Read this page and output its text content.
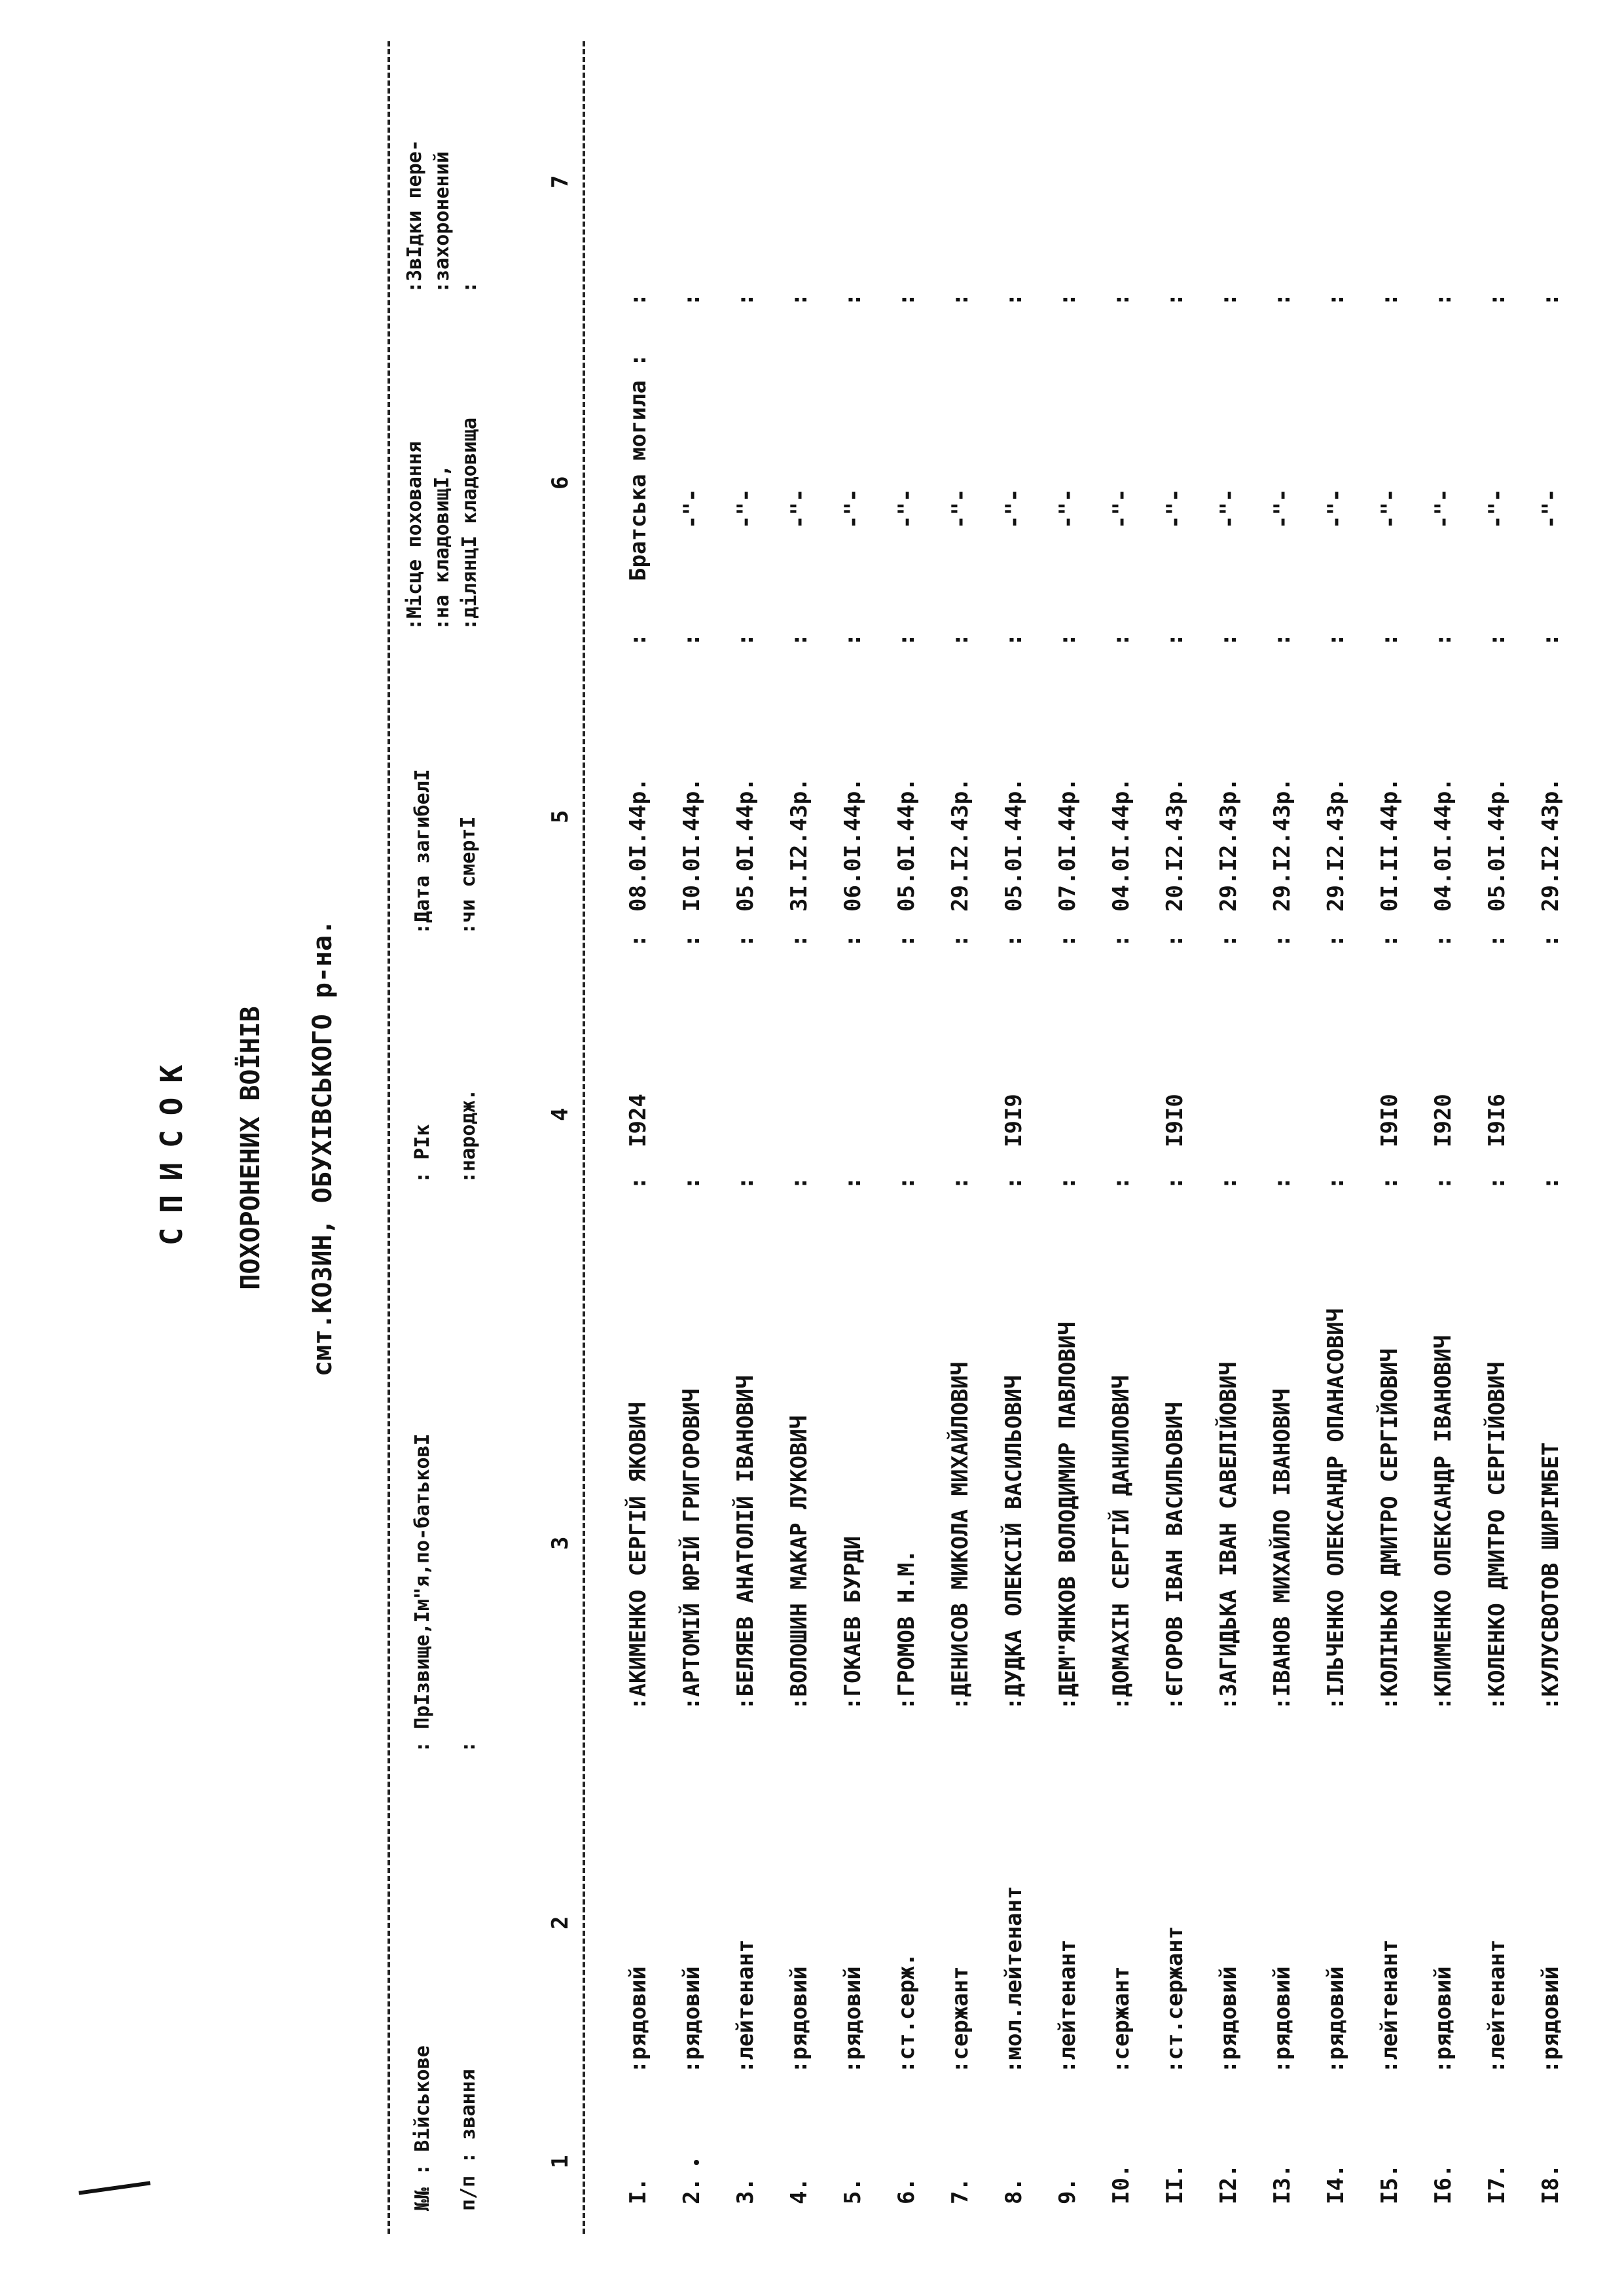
СПИСОК ПОХОРОНЕНИХ ВОЇНІВ смт.КОЗИН, ОБУХІВСЬКОГО р-на.
№№ : Вiйськове п/п : звання
: ПрIзвище,Iм"я,по-батьковI :
: PIк :народж.
:Дата загибелI :чи смертI
:Мiсце поховання :на кладовищI, :дiлянцI кладовища
:ЗвIдки пере- :захоронений :
1
2
3
4
5
6
7
I.
:рядовий
:АКИМЕНКО СЕРГIЙ ЯКОВИЧ
I924
08.0I.44р.
Братська могила :
:
:
:
:
2.
:рядовий
:АРТОМIЙ ЮРIЙ ГРИГОРОВИЧ
I0.0I.44р.
-"-
:
:
:
:
3.
:лейтенант
:БЕЛЯЕВ АНАТОЛIЙ IВАНОВИЧ
05.0I.44р.
-"-
:
:
:
:
4.
:рядовий
:ВОЛОШИН МАКАР ЛУКОВИЧ
3I.I2.43р.
-"-
:
:
:
:
5.
:рядовий
:ГОКАЕВ БУРДИ
06.0I.44р.
-"-
:
:
:
:
6.
:ст.серж.
:ГРОМОВ Н.М.
05.0I.44р.
-"-
:
:
:
:
7.
:сержант
:ДЕНИСОВ МИКОЛА МИХАЙЛОВИЧ
29.I2.43р.
-"-
:
:
:
:
8.
:мол.лейтенант
:ДУДКА ОЛЕКСIЙ ВАСИЛЬОВИЧ
I9I9
05.0I.44р.
-"-
:
:
:
:
9.
:лейтенант
:ДЕМ"ЯНКОВ ВОЛОДИМИР ПАВЛОВИЧ
07.0I.44р.
-"-
:
:
:
:
I0.
:сержант
:ДОМАХIН СЕРГIЙ ДАНИЛОВИЧ
04.0I.44р.
-"-
:
:
:
:
II.
:ст.сержант
:ЄГОРОВ IВАН ВАСИЛЬОВИЧ
I9I0
20.I2.43р.
-"-
:
:
:
:
I2.
:рядовий
:ЗАГИДЬКА IВАН САВЕЛIЙОВИЧ
29.I2.43р.
-"-
:
:
:
:
I3.
:рядовий
:IВАНОВ МИХАЙЛО IВАНОВИЧ
29.I2.43р.
-"-
:
:
:
:
I4.
:рядовий
:IЛЬЧЕНКО ОЛЕКСАНДР ОПАНАСОВИЧ
29.I2.43р.
-"-
:
:
:
:
I5.
:лейтенант
:КОЛIНЬКО ДМИТРО СЕРГIЙОВИЧ
I9I0
0I.II.44р.
-"-
:
:
:
:
I6.
:рядовий
:КЛИМЕНКО ОЛЕКСАНДР IВАНОВИЧ
I920
04.0I.44р.
-"-
:
:
:
:
I7.
:лейтенант
:КОЛЕНКО ДМИТРО СЕРГIЙОВИЧ
I9I6
05.0I.44р.
-"-
:
:
:
:
I8.
:рядовий
:КУЛУСВОТОВ ШИРIМБЕТ
29.I2.43р.
-"-
:
:
:
:
